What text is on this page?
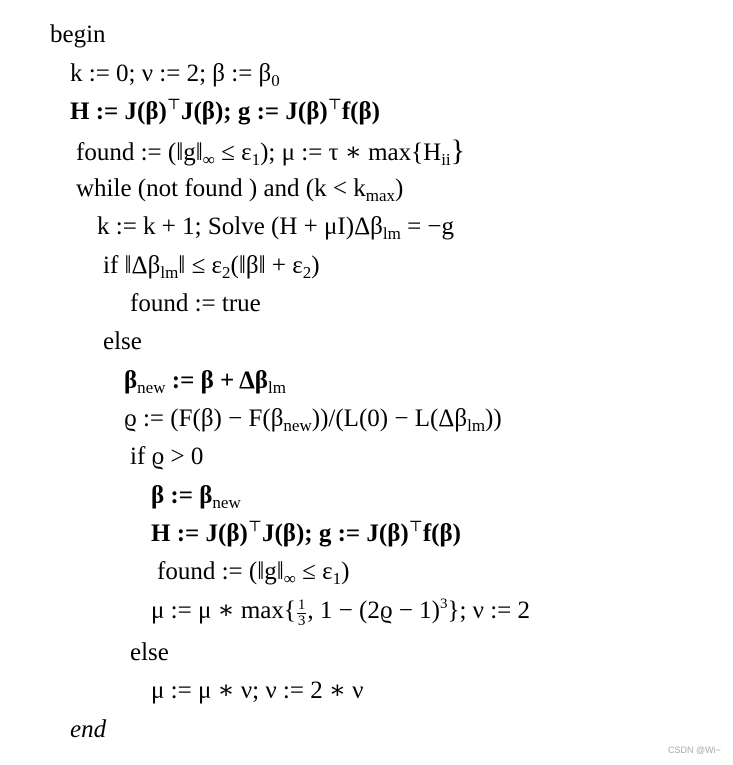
begin
k := 0; ν := 2; β := $\beta_0$
H := J(β)⊤J(β); g := J(β)⊤f(β)
found := $(‖g‖_\infty \le \varepsilon_1)$; μ := τ ∗ $\max\{H_{ii}\}$
while (not found ) and $(k < k_{max})$
k := k + 1; Solve $(H + \mu I)\Delta\beta_{lm} = -g$
if $‖\Delta\beta_{lm}‖$ ≤ $\varepsilon_2(‖\beta‖ + \varepsilon_2)$
found := true
else
$\beta_{new}$ := $\beta + \Delta\beta_{lm}$
ϱ := $(F(\beta) - F(\beta_{new}))/(L(0) - L(\Delta\beta_{lm}))$
if ϱ > 0
β := $\beta_{new}$
H := J(β)⊤J(β); g := J(β)⊤f(β)
found := $(‖g‖_\infty \le \varepsilon_1)$
μ := μ ∗ $\max\{ \frac{1}{3}$ , $1 - (2ϱ - 1)^3$}; ν := 2
else
μ := μ ∗ ν; ν := 2 ∗ ν
end
CSDN @Wi~
